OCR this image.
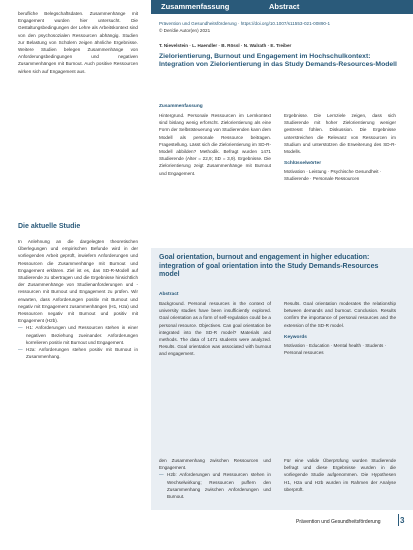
Zusammenfassung	Abstract

berufliche Belegschaftsdaten. Zusammenhänge mit Engagement wurden hier untersucht. Die Gestaltungsbedingungen der Lehre als Arbeitskontext sind von den psychosozialen Ressourcen abhängig. Studien zur Belastung von Schülern zeigen ähnliche Ergebnisse. Weitere Studien belegen Zusammenhänge von Anforderungsbedingungen und negativen Zusammenhängen mit Burnout. Auch positive Ressourcen wirken sich auf Engagement aus.

Die aktuelle Studie

In Anlehnung an die dargelegten theoretischen Überlegungen und empirischen Befunde wird in der vorliegenden Arbeit geprüft, inwiefern Anforderungen und Ressourcen die Zusammenhänge mit Burnout und Engagement erklären. Ziel ist es, das SD-R-Modell auf Studierende zu übertragen und die Ergebnisse hinsichtlich der Zusammenhänge von Studienanforderungen und -ressourcen mit Burnout und Engagement zu prüfen. Wir erwarten, dass Anforderungen positiv mit Burnout und negativ mit Engagement zusammenhängen (H1, H2a) und Ressourcen negativ mit Burnout und positiv mit Engagement (H2b).

— H1: Anforderungen und Ressourcen stehen in einer negativen Beziehung zueinander. Anforderungen korrelieren positiv mit Burnout und Engagement.

— H2a: Anforderungen stehen positiv mit Burnout in Zusammenhang.

Prävention und Gesundheitsförderung · https://doi.org/10.1007/s11553-021-00890-1
© Der/die Autor(en) 2021
T. Nievelstein · L. Haendler · B. Rössl · N. Walrath · E. Treiber

Zielorientierung, Burnout und Engagement im Hochschulkontext: Integration von Zielorientierung in das Study Demands-Resources-Modell

Zusammenfassung

Hintergrund. Personale Ressourcen im Lernkontext sind bislang wenig erforscht. Zielorientierung als eine Form der Selbststeuerung von Studierenden kann dem Modell als personale Ressource beitragen. Fragestellung. Lässt sich die Zielorientierung im SD-R-Modell abbilden? Methodik. Befragt wurden 1471 Studierende (Alter = 22,9; SD = 3,9). Ergebnisse. Die Zielorientierung zeigt Zusammenhänge mit Burnout und Engagement.

Ergebnisse. Die Lernziele zeigen, dass sich Studierende mit hoher Zielorientierung weniger gestresst fühlen. Diskussion. Die Ergebnisse unterstreichen die Relevanz von Ressourcen im Studium und unterstützen die Erweiterung des SD-R-Modells.

Schlüsselwörter

Motivation · Leistung · Psychische Gesundheit · Studierende · Personale Ressourcen

Goal orientation, burnout and engagement in higher education: integration of goal orientation into the Study Demands-Resources model

Abstract

Background. Personal resources in the context of university studies have been insufficiently explored. Goal orientation as a form of self-regulation could be a personal resource. Objectives. Can goal orientation be integrated into the SD-R model? Materials and methods. The data of 1471 students were analyzed. Results. Goal orientation was associated with burnout and engagement.

Results. Goal orientation moderates the relationship between demands and burnout. Conclusion. Results confirm the importance of personal resources and the extension of the SD-R model.

Keywords

Motivation · Education · Mental health · Students · Personal resources

den Zusammenhang zwischen Ressourcen und Engagement.

— H2b: Anforderungen und Ressourcen stehen in Wechselwirkung; Ressourcen puffern den Zusammenhang zwischen Anforderungen und Burnout.

Für eine valide Überprüfung wurden Studierende befragt und diese Ergebnisse wurden in die vorliegende Studie aufgenommen. Die Hypothesen H1, H2a und H2b wurden im Rahmen der Analyse überprüft.

Prävention und Gesundheitsförderung 3
